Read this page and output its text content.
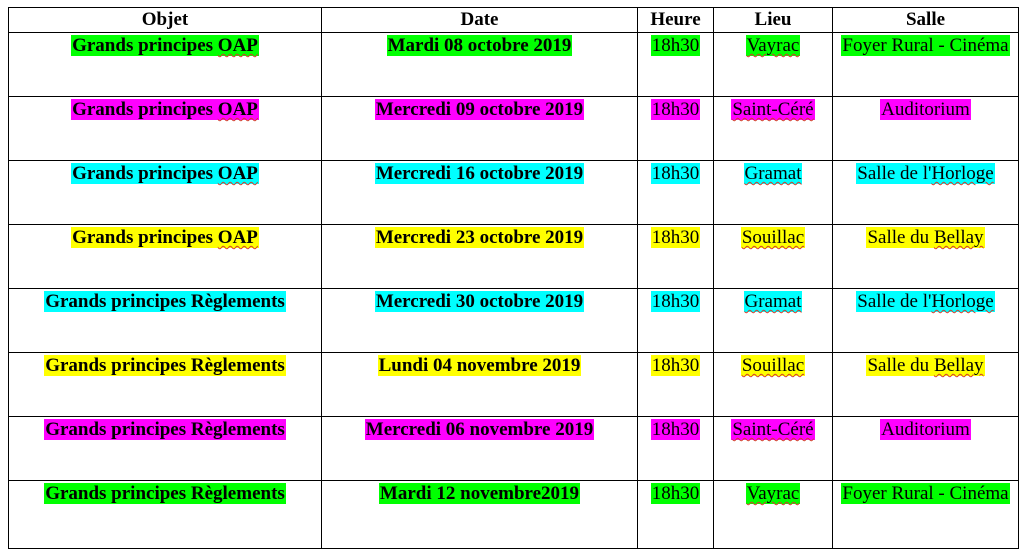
Objet	Date	Heure	Lieu	Salle
Grands principes OAP	Mardi 08 octobre 2019	18h30	Vayrac	Foyer Rural - Cinéma
Grands principes OAP	Mercredi 09 octobre 2019	18h30	Saint-Céré	Auditorium
Grands principes OAP	Mercredi 16 octobre 2019	18h30	Gramat	Salle de l'Horloge
Grands principes OAP	Mercredi 23 octobre 2019	18h30	Souillac	Salle du Bellay
Grands principes Règlements	Mercredi 30 octobre 2019	18h30	Gramat	Salle de l'Horloge
Grands principes Règlements	Lundi 04 novembre 2019	18h30	Souillac	Salle du Bellay
Grands principes Règlements	Mercredi 06 novembre 2019	18h30	Saint-Céré	Auditorium
Grands principes Règlements	Mardi 12 novembre2019	18h30	Vayrac	Foyer Rural - Cinéma
